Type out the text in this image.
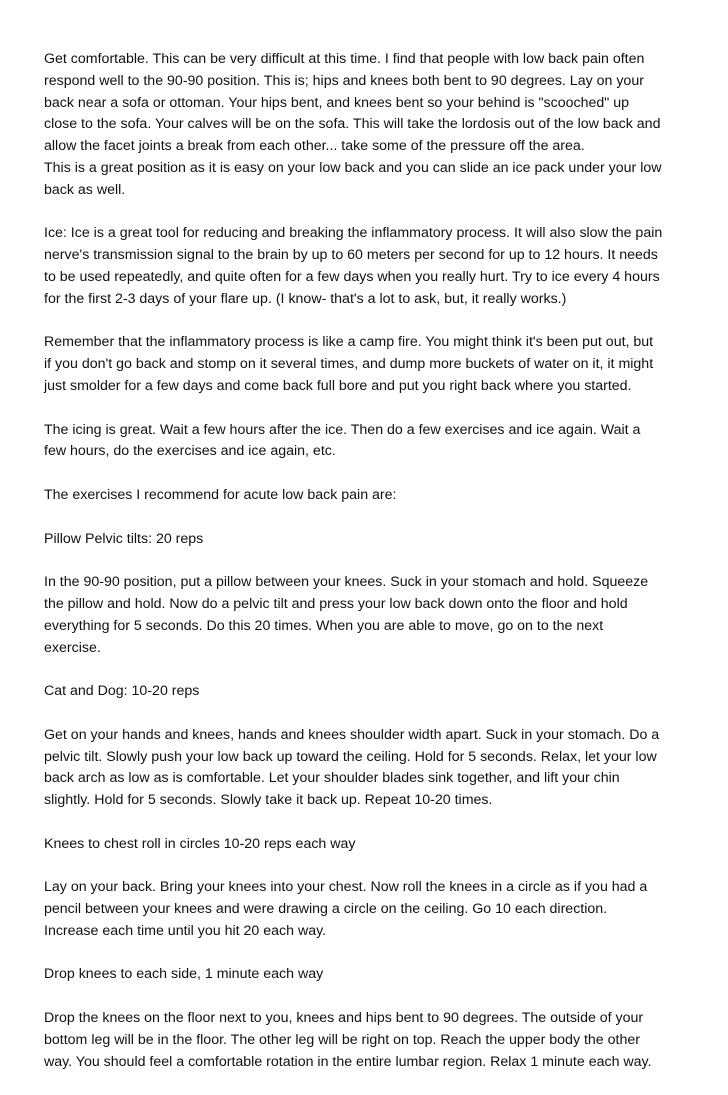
Get comfortable. This can be very difficult at this time. I find that people with low back pain often
respond well to the 90-90 position. This is; hips and knees both bent to 90 degrees. Lay on your
back near a sofa or ottoman. Your hips bent, and knees bent so your behind is "scooched" up
close to the sofa. Your calves will be on the sofa. This will take the lordosis out of the low back and
allow the facet joints a break from each other... take some of the pressure off the area.
This is a great position as it is easy on your low back and you can slide an ice pack under your low
back as well.

Ice: Ice is a great tool for reducing and breaking the inflammatory process. It will also slow the pain
nerve's transmission signal to the brain by up to 60 meters per second for up to 12 hours. It needs
to be used repeatedly, and quite often for a few days when you really hurt. Try to ice every 4 hours
for the first 2-3 days of your flare up. (I know- that's a lot to ask, but, it really works.)

Remember that the inflammatory process is like a camp fire. You might think it's been put out, but
if you don't go back and stomp on it several times, and dump more buckets of water on it, it might
just smolder for a few days and come back full bore and put you right back where you started.

The icing is great. Wait a few hours after the ice. Then do a few exercises and ice again. Wait a
few hours, do the exercises and ice again, etc.

The exercises I recommend for acute low back pain are:

Pillow Pelvic tilts: 20 reps

In the 90-90 position, put a pillow between your knees. Suck in your stomach and hold. Squeeze
the pillow and hold. Now do a pelvic tilt and press your low back down onto the floor and hold
everything for 5 seconds. Do this 20 times. When you are able to move, go on to the next
exercise.

Cat and Dog: 10-20 reps

Get on your hands and knees, hands and knees shoulder width apart. Suck in your stomach. Do a
pelvic tilt. Slowly push your low back up toward the ceiling. Hold for 5 seconds. Relax, let your low
back arch as low as is comfortable. Let your shoulder blades sink together, and lift your chin
slightly. Hold for 5 seconds. Slowly take it back up. Repeat 10-20 times.

Knees to chest roll in circles 10-20 reps each way

Lay on your back. Bring your knees into your chest. Now roll the knees in a circle as if you had a
pencil between your knees and were drawing a circle on the ceiling. Go 10 each direction.
Increase each time until you hit 20 each way.

Drop knees to each side, 1 minute each way

Drop the knees on the floor next to you, knees and hips bent to 90 degrees. The outside of your
bottom leg will be in the floor. The other leg will be right on top. Reach the upper body the other
way. You should feel a comfortable rotation in the entire lumbar region. Relax 1 minute each way.
